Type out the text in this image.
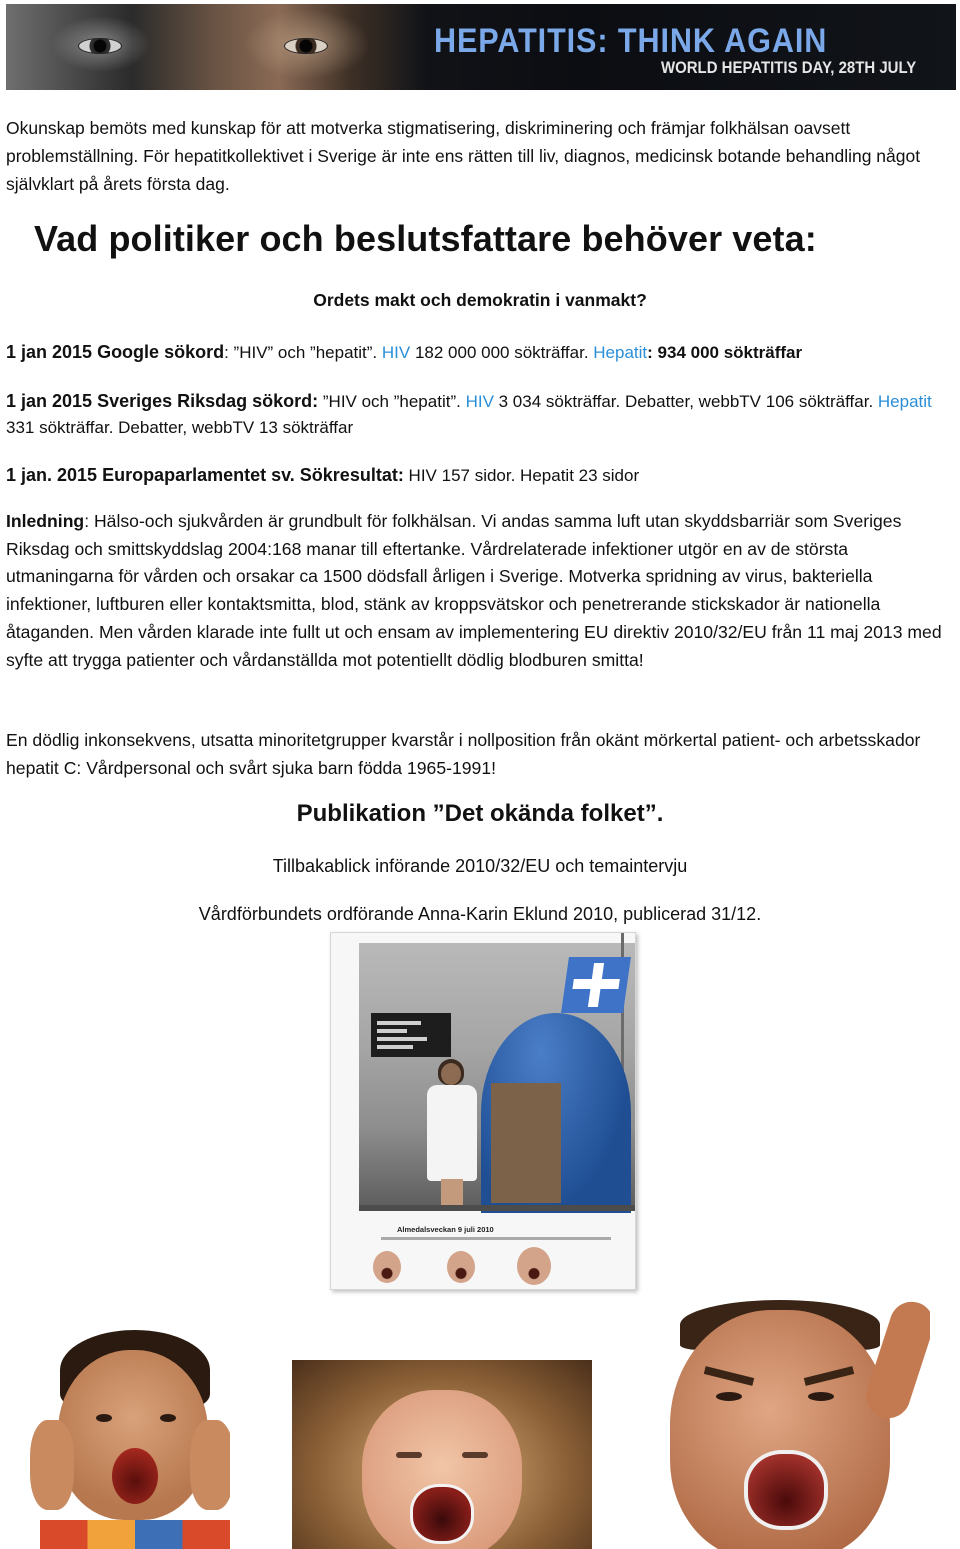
HEPATITIS: THINK AGAIN
WORLD HEPATITIS DAY, 28TH JULY

Okunskap bemöts med kunskap för att motverka stigmatisering, diskriminering och främjar folkhälsan oavsett problemställning. För hepatitkollektivet i Sverige är inte ens rätten till liv, diagnos, medicinsk botande behandling något självklart på årets första dag.

Vad politiker och beslutsfattare behöver veta:
Ordets makt och demokratin i vanmakt?
1 jan 2015 Google sökord: ”HIV” och ”hepatit”. HIV 182 000 000 sökträffar. Hepatit: 934 000 sökträffar
1 jan 2015 Sveriges Riksdag sökord: ”HIV och ”hepatit”. HIV 3 034 sökträffar. Debatter, webbTV 106 sökträffar. Hepatit 331 sökträffar. Debatter, webbTV 13 sökträffar
1 jan. 2015 Europaparlamentet sv. Sökresultat: HIV 157 sidor. Hepatit 23 sidor

Inledning: Hälso-och sjukvården är grundbult för folkhälsan. Vi andas samma luft utan skyddsbarriär som Sveriges Riksdag och smittskyddslag 2004:168 manar till eftertanke. Vårdrelaterade infektioner utgör en av de största utmaningarna för vården och orsakar ca 1500 dödsfall årligen i Sverige. Motverka spridning av virus, bakteriella infektioner, luftburen eller kontaktsmitta, blod, stänk av kroppsvätskor och penetrerande stickskador är nationella åtaganden. Men vården klarade inte fullt ut och ensam av implementering EU direktiv 2010/32/EU från 11 maj 2013 med syfte att trygga patienter och vårdanställda mot potentiellt dödlig blodburen smitta!

En dödlig inkonsekvens, utsatta minoritetgrupper kvarstår i nollposition från okänt mörkertal patient- och arbetsskador hepatit C: Vårdpersonal och svårt sjuka barn födda 1965-1991!

Publikation ”Det okända folket”.
Tillbakablick införande 2010/32/EU och temaintervju
Vårdförbundets ordförande Anna-Karin Eklund 2010, publicerad 31/12.
Almedalsveckan 9 juli 2010
